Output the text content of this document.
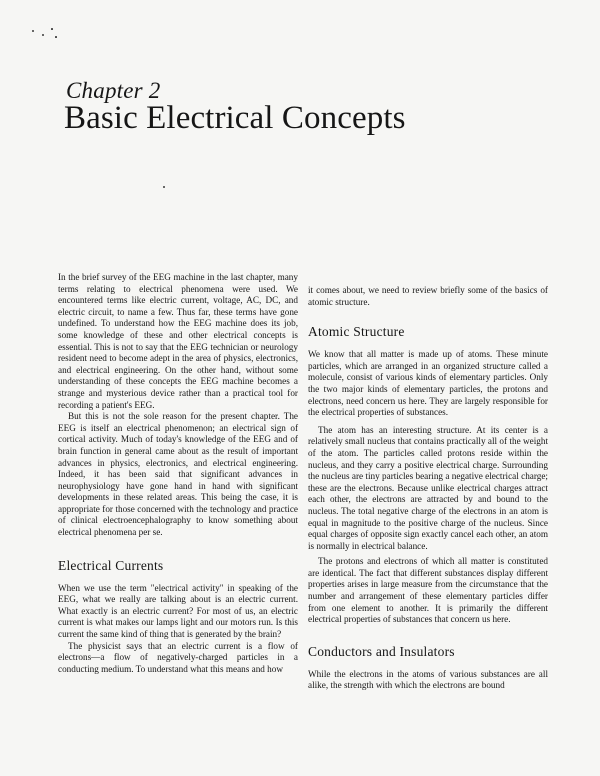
Chapter 2
Basic Electrical Concepts

In the brief survey of the EEG machine in the last chapter, many terms relating to electrical phenomena were used. We encountered terms like electric current, voltage, AC, DC, and electric circuit, to name a few. Thus far, these terms have gone undefined. To understand how the EEG machine does its job, some knowledge of these and other electrical concepts is essential. This is not to say that the EEG technician or neurology resident need to become adept in the area of physics, electronics, and electrical engineering. On the other hand, without some understanding of these concepts the EEG machine becomes a strange and mysterious device rather than a practical tool for recording a patient's EEG.

But this is not the sole reason for the present chapter. The EEG is itself an electrical phenomenon; an electrical sign of cortical activity. Much of today's knowledge of the EEG and of brain function in general came about as the result of important advances in physics, electronics, and electrical engineering. Indeed, it has been said that significant advances in neurophysiology have gone hand in hand with significant developments in these related areas. This being the case, it is appropriate for those concerned with the technology and practice of clinical electroencephalography to know something about electrical phenomena per se.

Electrical Currents

When we use the term "electrical activity" in speaking of the EEG, what we really are talking about is an electric current. What exactly is an electric current? For most of us, an electric current is what makes our lamps light and our motors run. Is this current the same kind of thing that is generated by the brain?

The physicist says that an electric current is a flow of electrons—a flow of negatively-charged particles in a conducting medium. To understand what this means and how

it comes about, we need to review briefly some of the basics of atomic structure.

Atomic Structure

We know that all matter is made up of atoms. These minute particles, which are arranged in an organized structure called a molecule, consist of various kinds of elementary particles. Only the two major kinds of elementary particles, the protons and electrons, need concern us here. They are largely responsible for the electrical properties of substances.

The atom has an interesting structure. At its center is a relatively small nucleus that contains practically all of the weight of the atom. The particles called protons reside within the nucleus, and they carry a positive electrical charge. Surrounding the nucleus are tiny particles bearing a negative electrical charge; these are the electrons. Because unlike electrical charges attract each other, the electrons are attracted by and bound to the nucleus. The total negative charge of the electrons in an atom is equal in magnitude to the positive charge of the nucleus. Since equal charges of opposite sign exactly cancel each other, an atom is normally in electrical balance.

The protons and electrons of which all matter is constituted are identical. The fact that different substances display different properties arises in large measure from the circumstance that the number and arrangement of these elementary particles differ from one element to another. It is primarily the different electrical properties of substances that concern us here.

Conductors and Insulators

While the electrons in the atoms of various substances are all alike, the strength with which the electrons are bound
